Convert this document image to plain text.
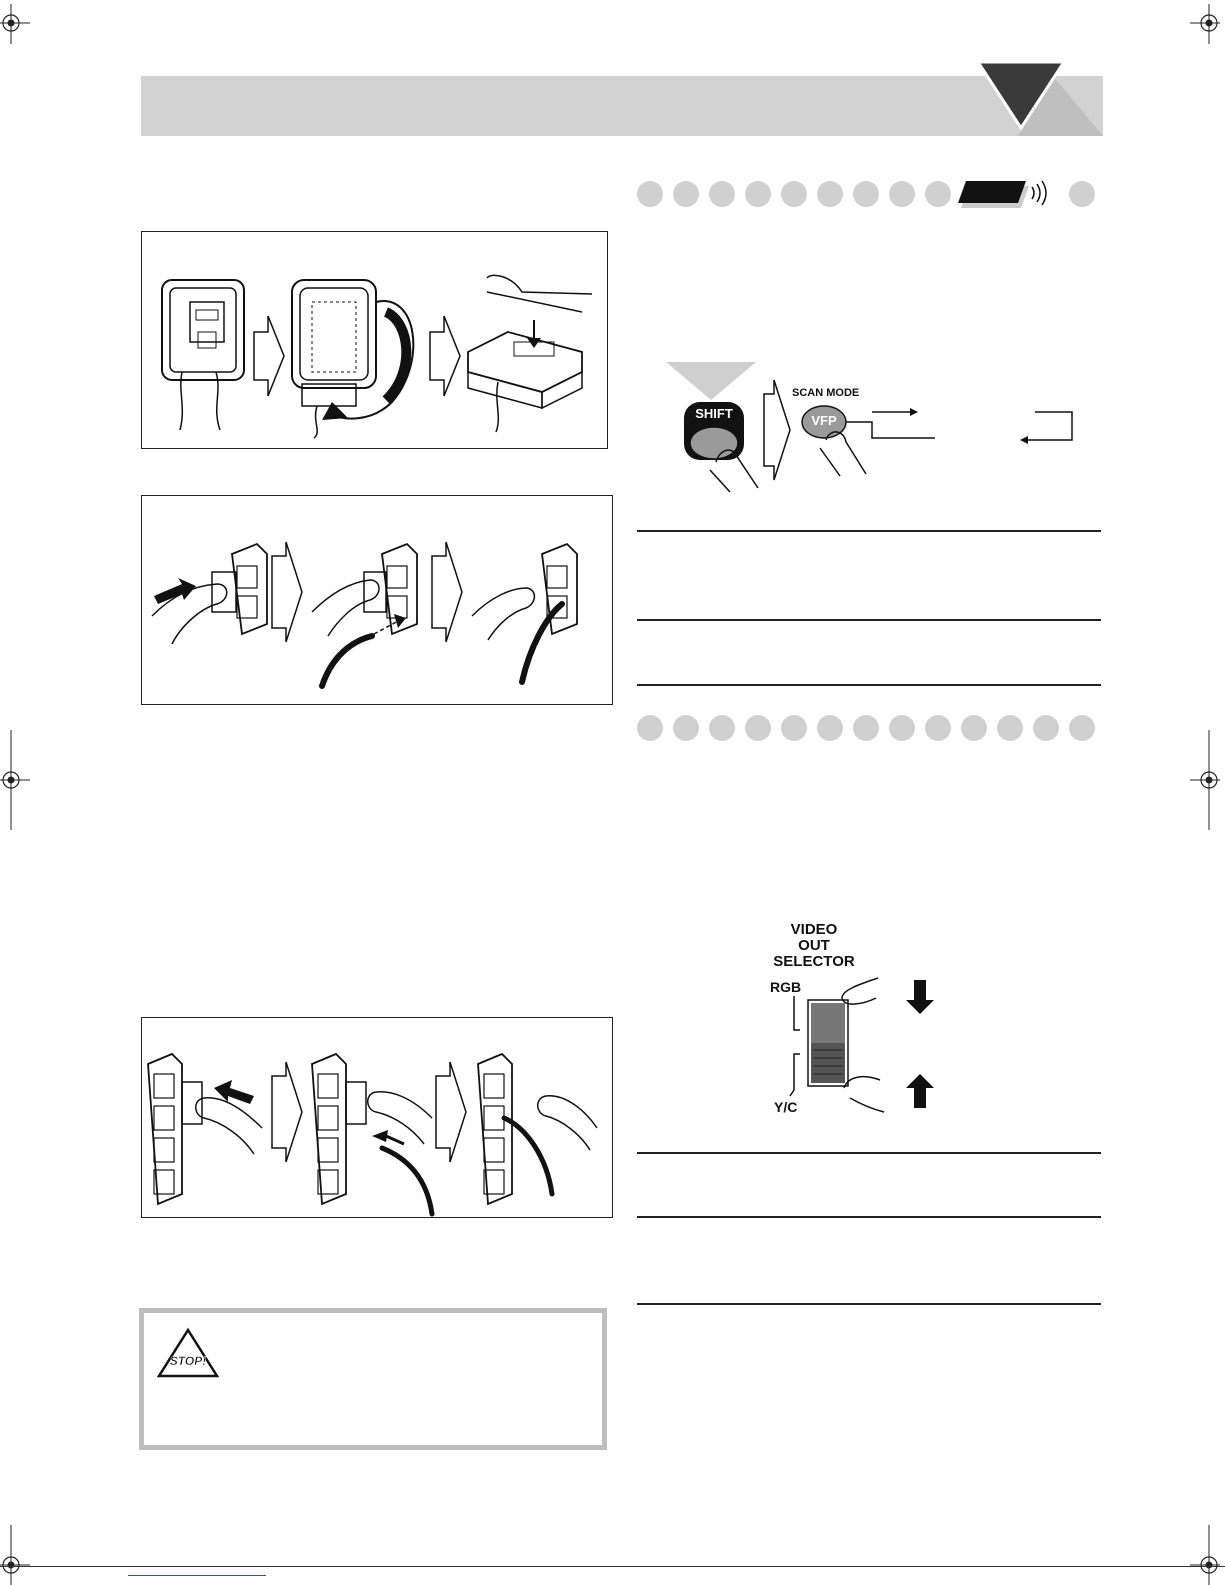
STOP!
SHIFT
SCAN MODE
VFP
VIDEO
OUT
SELECTOR
RGB
Y/C
